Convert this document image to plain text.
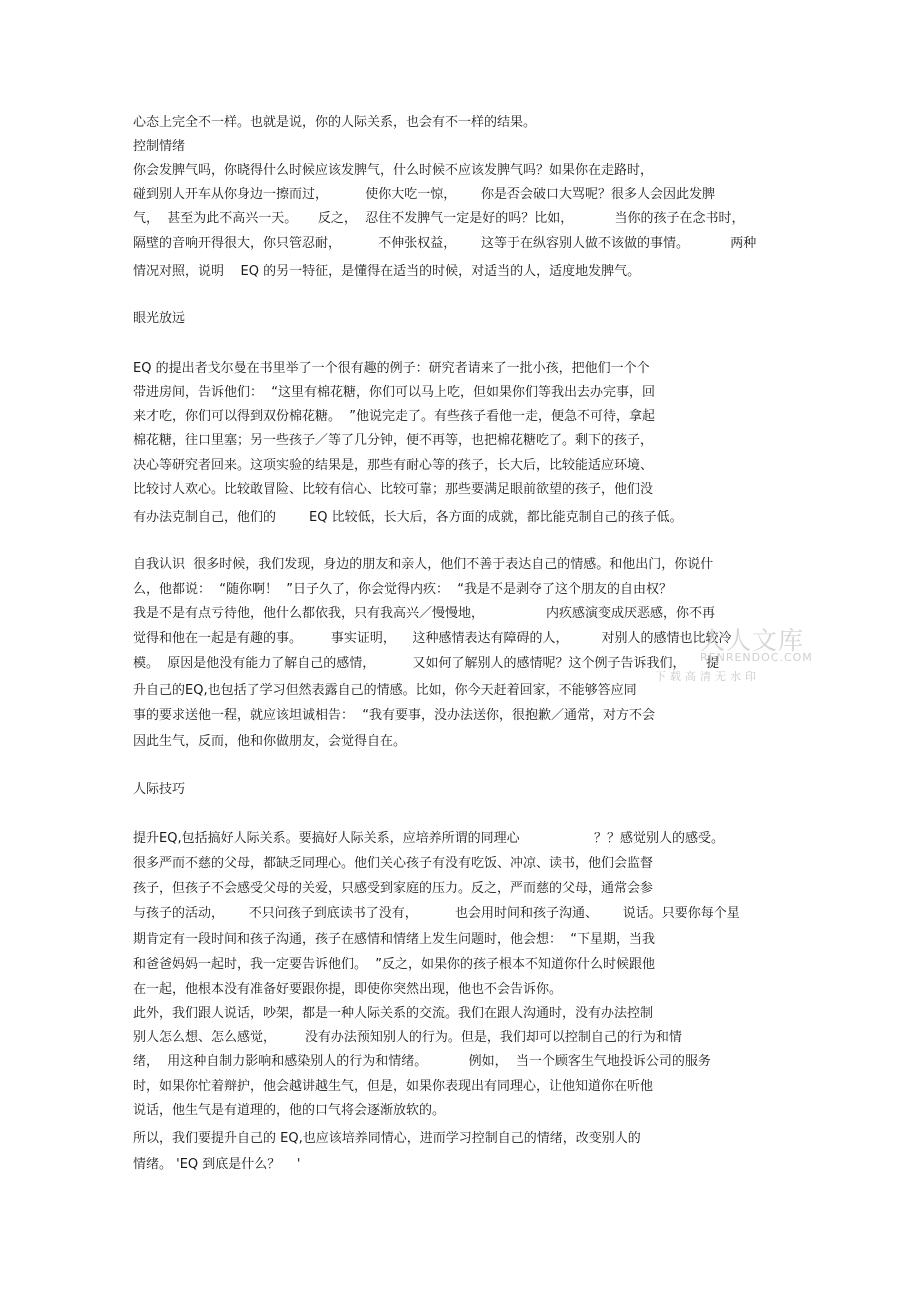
心态上完全不一样。也就是说，你的人际关系，也会有不一样的结果。
控制情绪
你会发脾气吗，你晓得什么时候应该发脾气，什么时候不应该发脾气吗？如果你在走路时，
碰到别人开车从你身边一擦而过，         使你大吃一惊，      你是否会破口大骂呢？很多人会因此发脾
气，  甚至为此不高兴一天。     反之，  忍住不发脾气一定是好的吗？比如，          当你的孩子在念书时，
隔壁的音响开得很大，你只管忍耐，         不伸张权益，      这等于在纵容别人做不该做的事情。          两种
情况对照，说明    EQ 的另一特征，是懂得在适当的时候，对适当的人，适度地发脾气。
眼光放远
EQ 的提出者戈尔曼在书里举了一个很有趣的例子：研究者请来了一批小孩，把他们一个个
带进房间，告诉他们：  “这里有棉花糖，你们可以马上吃，但如果你们等我出去办完事，回
来才吃，你们可以得到双份棉花糖。  ”他说完走了。有些孩子看他一走，便急不可待，拿起
棉花糖，往口里塞；另一些孩子／等了几分钟，便不再等，也把棉花糖吃了。剩下的孩子，
决心等研究者回来。这项实验的结果是，那些有耐心等的孩子，长大后，比较能适应环境、
比较讨人欢心。比较敢冒险、比较有信心、比较可靠；那些要满足眼前欲望的孩子，他们没
有办法克制自己，他们的        EQ 比较低，长大后，各方面的成就，都比能克制自己的孩子低。
自我认识  很多时候，我们发现，身边的朋友和亲人，他们不善于表达自己的情感。和他出门，你说什
么，他都说：  “随你啊！  ”日子久了，你会觉得内疚：  “我是不是剥夺了这个朋友的自由权？
我是不是有点亏待他，他什么都依我，只有我高兴／慢慢地，               内疚感演变成厌恶感，你不再
觉得和他在一起是有趣的事。       事实证明，    这种感情表达有障碍的人，        对别人的感情也比较冷
模。  原因是他没有能力了解自己的感情，         又如何了解别人的感情呢？这个例子告诉我们，     提
升自己的EQ,也包括了学习但然表露自己的情感。比如，你今天赶着回家，不能够答应同
事的要求送他一程，就应该坦诚相告：  “我有要事，没办法送你，很抱歉／通常，对方不会
因此生气，反而，他和你做朋友，会觉得自在。
人际技巧
提升EQ,包括搞好人际关系。要搞好人际关系，应培养所谓的同理心                  ？？感觉别人的感受。
很多严而不慈的父母，都缺乏同理心。他们关心孩子有没有吃饭、冲凉、读书，他们会监督
孩子，但孩子不会感受父母的关爱，只感受到家庭的压力。反之，严而慈的父母，通常会参
与孩子的活动，      不只问孩子到底读书了没有，         也会用时间和孩子沟通、      说话。只要你每个星
期肯定有一段时间和孩子沟通，孩子在感情和情绪上发生问题时，他会想：  “下星期，当我
和爸爸妈妈一起时，我一定要告诉他们。  ”反之，如果你的孩子根本不知道你什么时候跟他
在一起，他根本没有准备好要跟你提，即使你突然出现，他也不会告诉你。
此外，我们跟人说话，吵架，都是一种人际关系的交流。我们在跟人沟通时，没有办法控制
别人怎么想、怎么感觉，       没有办法预知别人的行为。但是，我们却可以控制自己的行为和情
绪，  用这种自制力影响和感染别人的行为和情绪。          例如，  当一个顾客生气地投诉公司的服务
时，如果你忙着辩护，他会越讲越生气，但是，如果你表现出有同理心，让他知道你在听他
说话，他生气是有道理的，他的口气将会逐渐放软的。
所以，我们要提升自己的 EQ,也应该培养同情心，进而学习控制自己的情绪，改变别人的
情绪。 'EQ 到底是什么？    '
人人文库
RENRENDOC.COM
下载高清无水印
